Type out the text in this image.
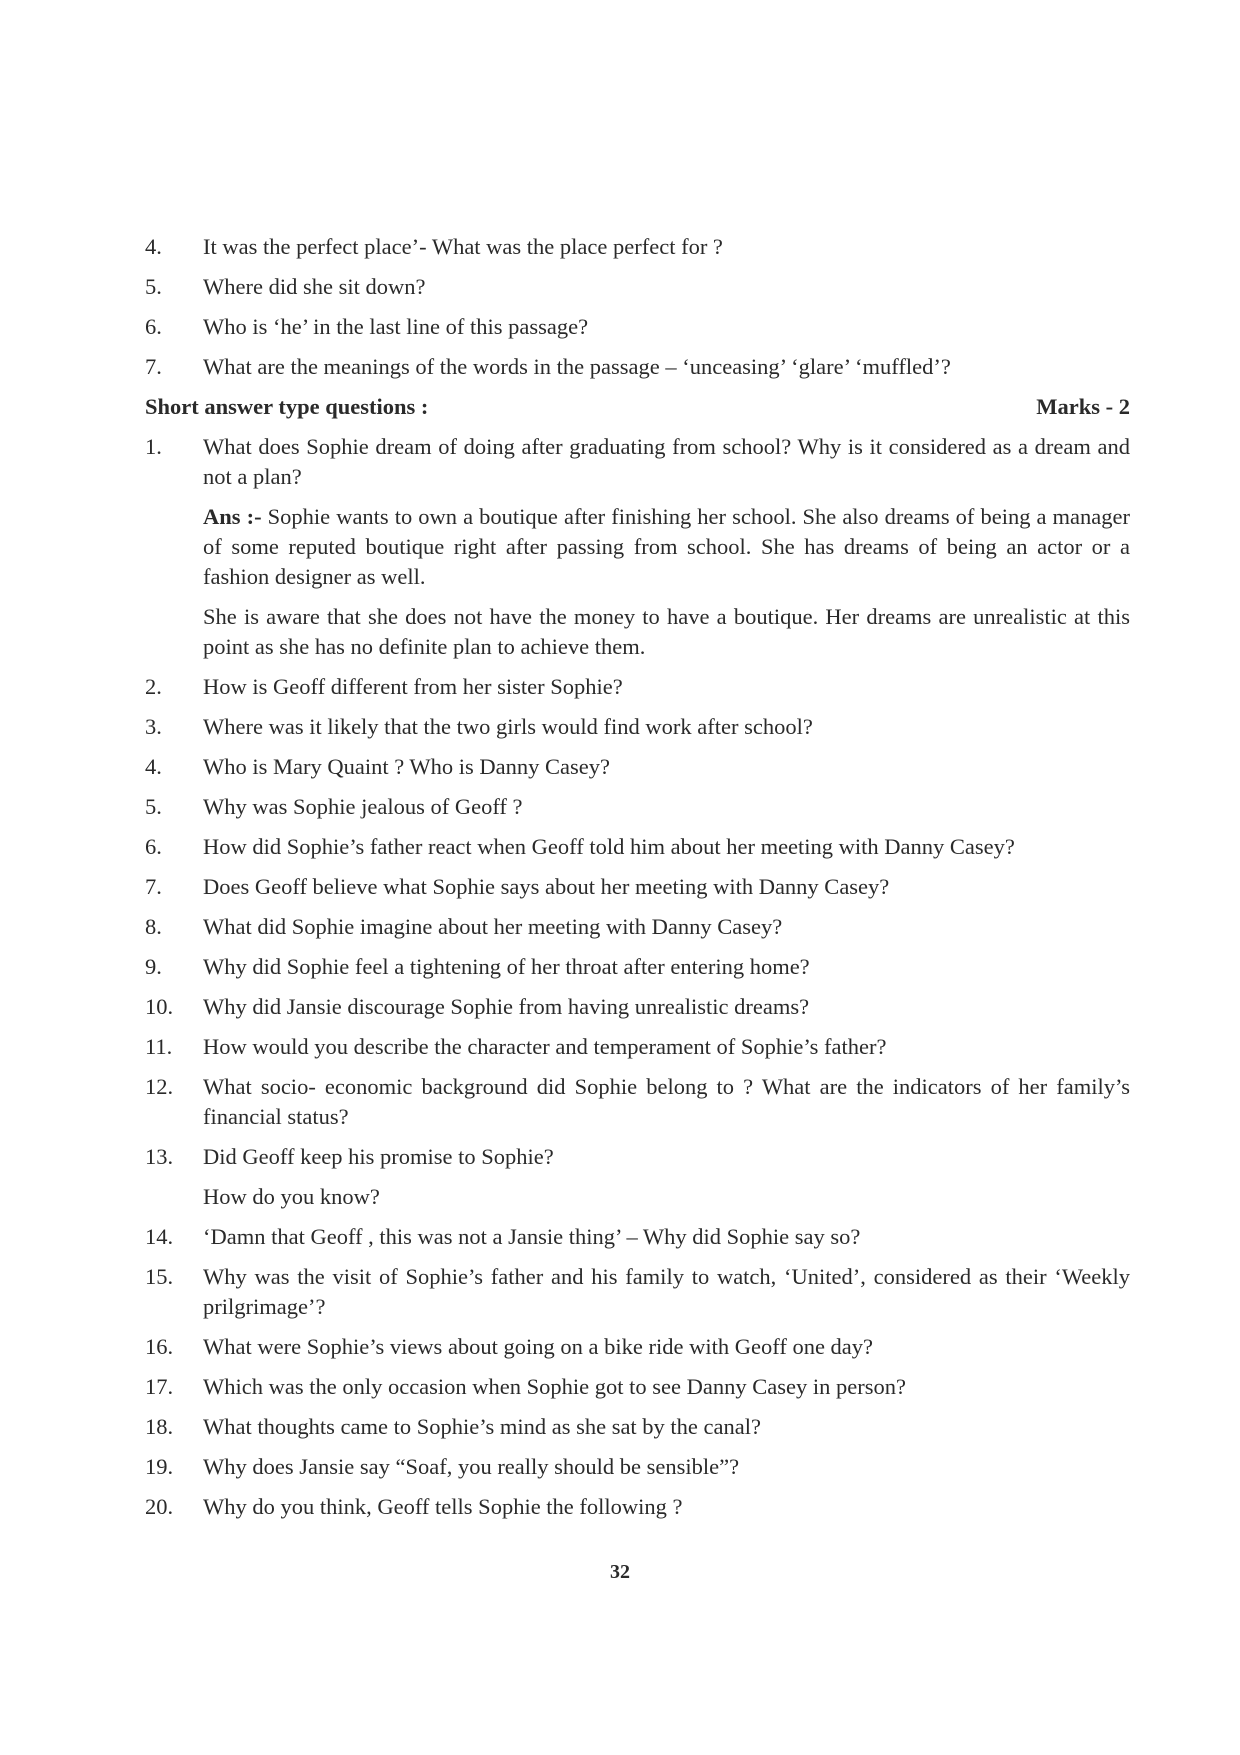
4.	It was the perfect place’- What was the place perfect for ?
5.	Where did she sit down?
6.	Who is ‘he’ in the last line of this passage?
7.	What are the meanings of the words in the passage – ‘unceasing’ ‘glare’ ‘muffled’?
Short answer type questions :	Marks - 2
1.	What does Sophie dream of doing after graduating from school? Why is it considered as a dream and not a plan?
Ans :- Sophie wants to own a boutique after finishing her school. She also dreams of being a manager of some reputed boutique right after passing from school. She has dreams of being an actor or a fashion designer as well.
She is aware that she does not have the money to have a boutique. Her dreams are unrealistic at this point as she has no definite plan to achieve them.
2.	How is Geoff different from her sister Sophie?
3.	Where was it likely that the two girls would find work after school?
4.	Who is Mary Quaint ? Who is Danny Casey?
5.	Why was Sophie jealous of Geoff ?
6.	How did Sophie’s father react when Geoff told him about her meeting with Danny Casey?
7.	Does Geoff believe what Sophie says about her meeting with Danny Casey?
8.	What did Sophie imagine about her meeting with Danny Casey?
9.	Why did Sophie feel a tightening of her throat after entering home?
10.	Why did Jansie discourage Sophie from having unrealistic dreams?
11.	How would you describe the character and temperament of Sophie’s father?
12.	What socio- economic background did Sophie belong to ? What are the indicators of her family’s financial status?
13.	Did Geoff keep his promise to Sophie?
How do you know?
14.	‘Damn that Geoff , this was not a Jansie thing’ – Why did Sophie say so?
15.	Why was the visit of Sophie’s father and his family to watch, ‘United’, considered as their ‘Weekly prilgrimage’?
16.	What were Sophie’s views about going on a bike ride with Geoff one day?
17.	Which was the only occasion when Sophie got to see Danny Casey in person?
18.	What thoughts came to Sophie’s mind as she sat by the canal?
19.	Why does Jansie say “Soaf, you really should be sensible”?
20.	Why do you think, Geoff tells Sophie the following ?
32
